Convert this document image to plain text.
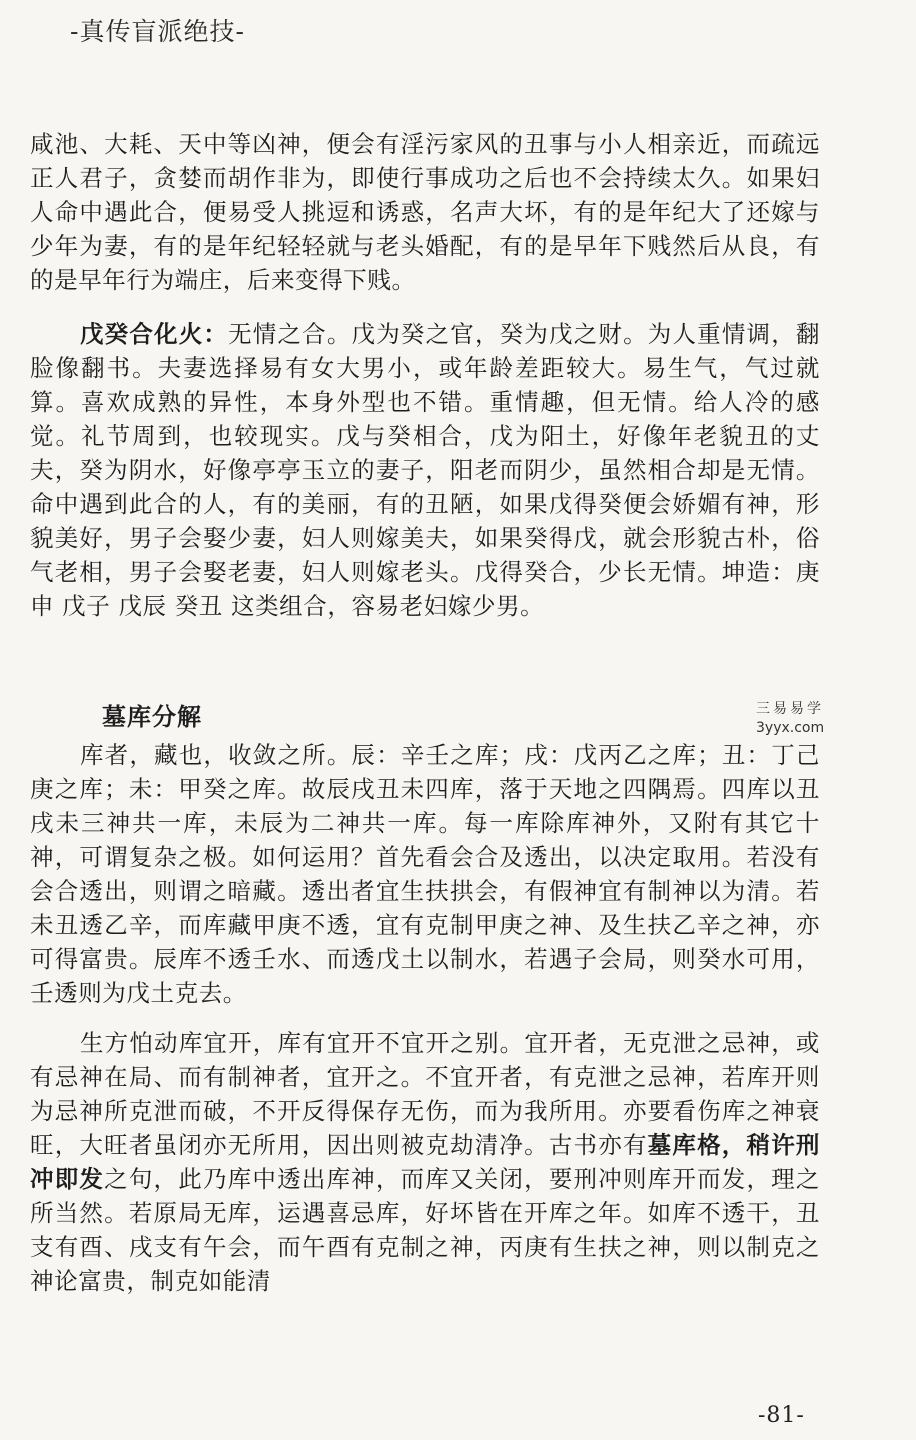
-真传盲派绝技-
咸池、大耗、天中等凶神，便会有淫污家风的丑事与小人相亲近，而疏远正人君子，贪婪而胡作非为，即使行事成功之后也不会持续太久。如果妇人命中遇此合，便易受人挑逗和诱惑，名声大坏，有的是年纪大了还嫁与少年为妻，有的是年纪轻轻就与老头婚配，有的是早年下贱然后从良，有的是早年行为端庄，后来变得下贱。
戊癸合化火：无情之合。戊为癸之官，癸为戊之财。为人重情调，翻脸像翻书。夫妻选择易有女大男小，或年龄差距较大。易生气，气过就算。喜欢成熟的异性，本身外型也不错。重情趣，但无情。给人冷的感觉。礼节周到，也较现实。戊与癸相合，戊为阳土，好像年老貌丑的丈夫，癸为阴水，好像亭亭玉立的妻子，阳老而阴少，虽然相合却是无情。命中遇到此合的人，有的美丽，有的丑陋，如果戊得癸便会娇媚有神，形貌美好，男子会娶少妻，妇人则嫁美夫，如果癸得戊，就会形貌古朴，俗气老相，男子会娶老妻，妇人则嫁老头。戊得癸合，少长无情。坤造：庚申 戊子 戊辰 癸丑 这类组合，容易老妇嫁少男。
墓库分解	三易易学
3yyx.com
库者，藏也，收敛之所。辰：辛壬之库；戌：戊丙乙之库；丑：丁己庚之库；未：甲癸之库。故辰戌丑未四库，落于天地之四隅焉。四库以丑戌未三神共一库，未辰为二神共一库。每一库除库神外，又附有其它十神，可谓复杂之极。如何运用？首先看会合及透出，以决定取用。若没有会合透出，则谓之暗藏。透出者宜生扶拱会，有假神宜有制神以为清。若未丑透乙辛，而库藏甲庚不透，宜有克制甲庚之神、及生扶乙辛之神，亦可得富贵。辰库不透壬水、而透戊土以制水，若遇子会局，则癸水可用，壬透则为戊土克去。
生方怕动库宜开，库有宜开不宜开之别。宜开者，无克泄之忌神，或有忌神在局、而有制神者，宜开之。不宜开者，有克泄之忌神，若库开则为忌神所克泄而破，不开反得保存无伤，而为我所用。亦要看伤库之神衰旺，大旺者虽闭亦无所用，因出则被克劫清净。古书亦有墓库格，稍许刑冲即发之句，此乃库中透出库神，而库又关闭，要刑冲则库开而发，理之所当然。若原局无库，运遇喜忌库，好坏皆在开库之年。如库不透干，丑支有酉、戌支有午会，而午酉有克制之神，丙庚有生扶之神，则以制克之神论富贵，制克如能清
-81-
